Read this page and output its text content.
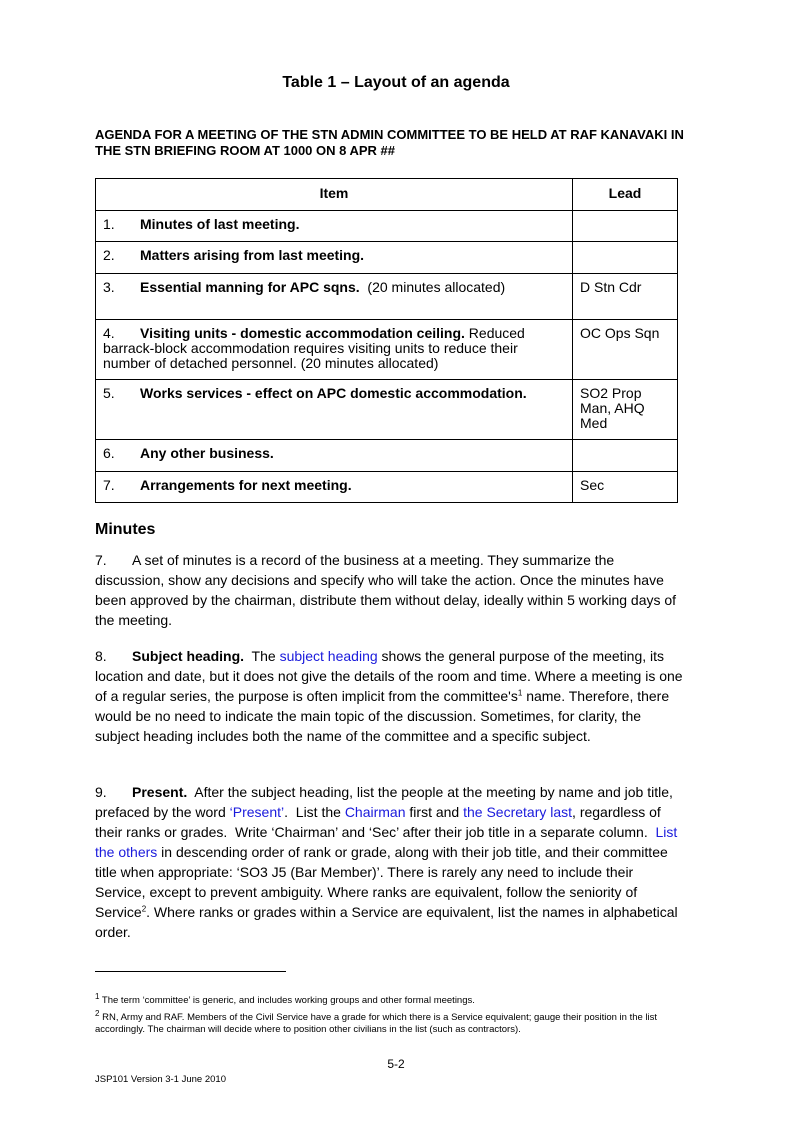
Table 1 – Layout of an agenda
AGENDA FOR A MEETING OF THE STN ADMIN COMMITTEE TO BE HELD AT RAF KANAVAKI IN THE STN BRIEFING ROOM AT 1000 ON 8 APR ##
Item	Lead
1. Minutes of last meeting.	
2. Matters arising from last meeting.	
3. Essential manning for APC sqns.  (20 minutes allocated)	D Stn Cdr
4. Visiting units - domestic accommodation ceiling. Reduced barrack-block accommodation requires visiting units to reduce their number of detached personnel. (20 minutes allocated)	OC Ops Sqn
5. Works services - effect on APC domestic accommodation.	SO2 Prop Man, AHQ Med
6. Any other business.	
7. Arrangements for next meeting.	Sec
Minutes
7. A set of minutes is a record of the business at a meeting. They summarize the discussion, show any decisions and specify who will take the action. Once the minutes have been approved by the chairman, distribute them without delay, ideally within 5 working days of the meeting.
8. Subject heading.  The subject heading shows the general purpose of the meeting, its location and date, but it does not give the details of the room and time. Where a meeting is one of a regular series, the purpose is often implicit from the $committee's^1$ name. Therefore, there would be no need to indicate the main topic of the discussion. Sometimes, for clarity, the subject heading includes both the name of the committee and a specific subject.
9. Present.  After the subject heading, list the people at the meeting by name and job title, prefaced by the word ‘Present’.  List the Chairman first and the Secretary last, regardless of their ranks or grades.  Write ‘Chairman’ and ‘Sec’ after their job title in a separate column.  List the others in descending order of rank or grade, along with their job title, and their committee title when appropriate: ‘SO3 J5 (Bar Member)’. There is rarely any need to include their Service, except to prevent ambiguity. Where ranks are equivalent, follow the seniority of Service$^2$. Where ranks or grades within a Service are equivalent, list the names in alphabetical order.
$^1$ The term ‘committee’ is generic, and includes working groups and other formal meetings.
$^2$ RN, Army and RAF. Members of the Civil Service have a grade for which there is a Service equivalent; gauge their position in the list accordingly. The chairman will decide where to position other civilians in the list (such as contractors).
5-2
JSP101 Version 3-1 June 2010
